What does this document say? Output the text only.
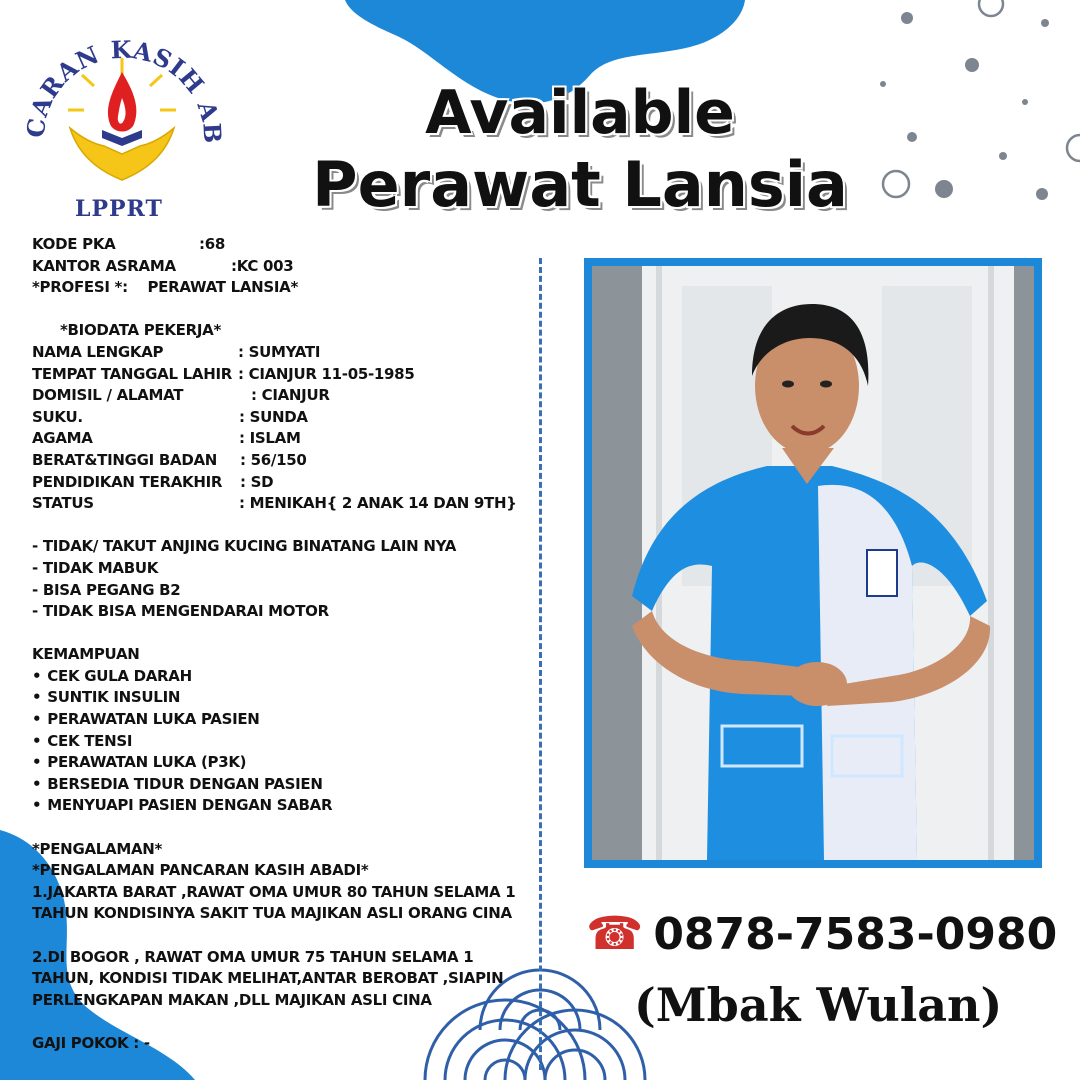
CARAN KASIH A
LPPRT
Available
Perawat Lansia
KODE PKA	:68
KANTOR ASRAMA	:KC 003
*PROFESI *:    PERAWAT LANSIA*
*BIODATA PEKERJA*
NAMA LENGKAP	: SUMYATI
TEMPAT TANGGAL LAHIR : CIANJUR 11-05-1985
DOMISIL / ALAMAT	: CIANJUR
SUKU.	: SUNDA
AGAMA	: ISLAM
BERAT&TINGGI BADAN	: 56/150
PENDIDIKAN TERAKHIR	: SD
STATUS	: MENIKAH{ 2 ANAK 14 DAN 9TH}
- TIDAK/ TAKUT ANJING KUCING BINATANG LAIN NYA
- TIDAK MABUK
- BISA PEGANG B2
- TIDAK BISA MENGENDARAI MOTOR
KEMAMPUAN
• CEK GULA DARAH
• SUNTIK INSULIN
• PERAWATAN LUKA PASIEN
• CEK TENSI
• PERAWATAN LUKA (P3K)
• BERSEDIA TIDUR DENGAN PASIEN
• MENYUAPI PASIEN DENGAN SABAR
*PENGALAMAN*
*PENGALAMAN PANCARAN KASIH ABADI*
1.JAKARTA BARAT ,RAWAT OMA UMUR 80 TAHUN SELAMA 1 TAHUN KONDISINYA SAKIT TUA MAJIKAN ASLI ORANG CINA
2.DI BOGOR , RAWAT OMA UMUR 75 TAHUN SELAMA 1 TAHUN, KONDISI TIDAK MELIHAT,ANTAR BEROBAT ,SIAPIN PERLENGKAPAN MAKAN ,DLL MAJIKAN ASLI CINA
GAJI POKOK : -
☎ 0878-7583-0980
(Mbak Wulan)
